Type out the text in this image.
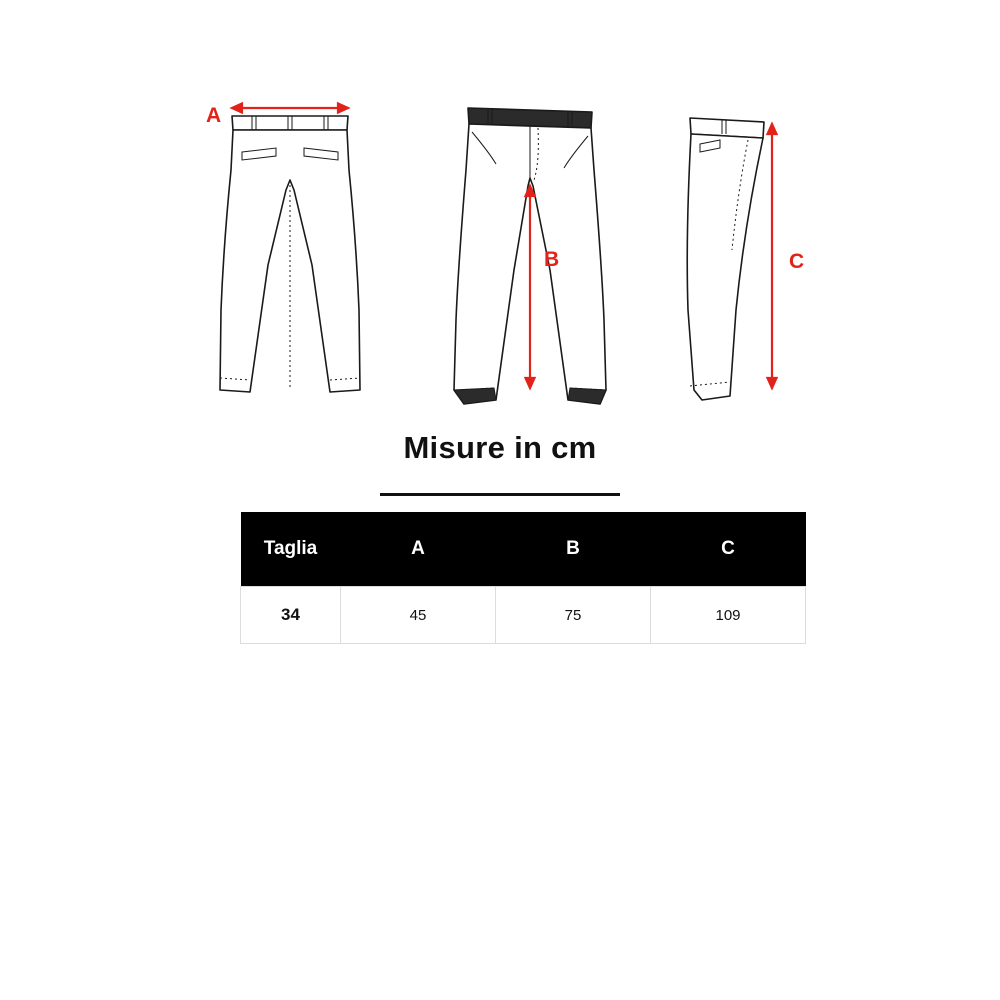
A
B	C
Misure in cm
Taglia	A	B	C
34	45	75	109
